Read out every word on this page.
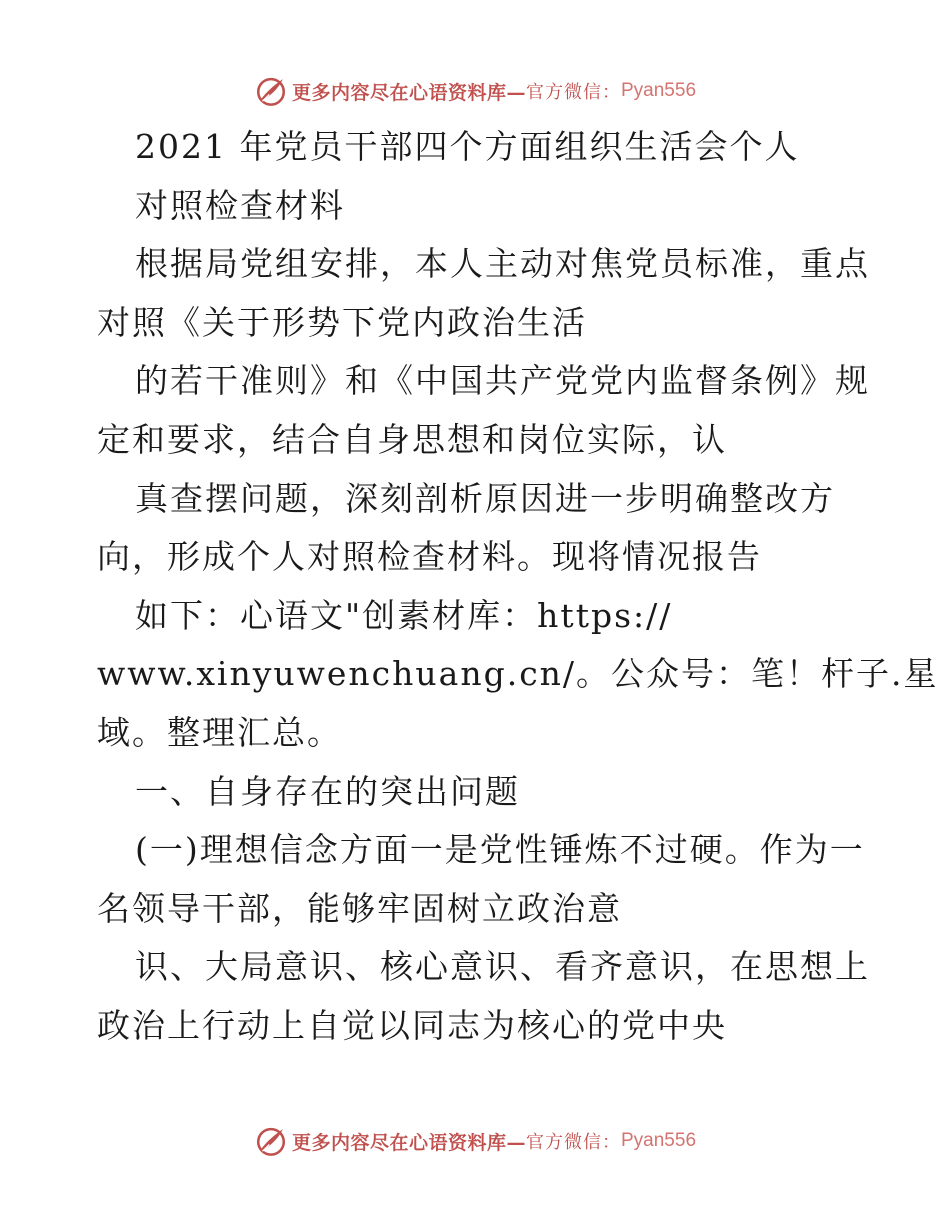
更多内容尽在心语资料库— 官方微信： Pyan556
2021 年党员干部四个方面组织生活会个人
对照检查材料
根据局党组安排，本人主动对焦党员标准，重点
对照《关于形势下党内政治生活
的若干准则》和《中国共产党党内监督条例》规
定和要求，结合自身思想和岗位实际，认
真查摆问题，深刻剖析原因进一步明确整改方
向，形成个人对照检查材料。现将情况报告
如下：心语文"创素材库：https://
www.xinyuwenchuang.cn/。公众号：笔！杆子.星
域。整理汇总。
一、自身存在的突出问题
(一)理想信念方面一是党性锤炼不过硬。作为一
名领导干部，能够牢固树立政治意
识、大局意识、核心意识、看齐意识，在思想上
政治上行动上自觉以同志为核心的党中央
更多内容尽在心语资料库— 官方微信： Pyan556
